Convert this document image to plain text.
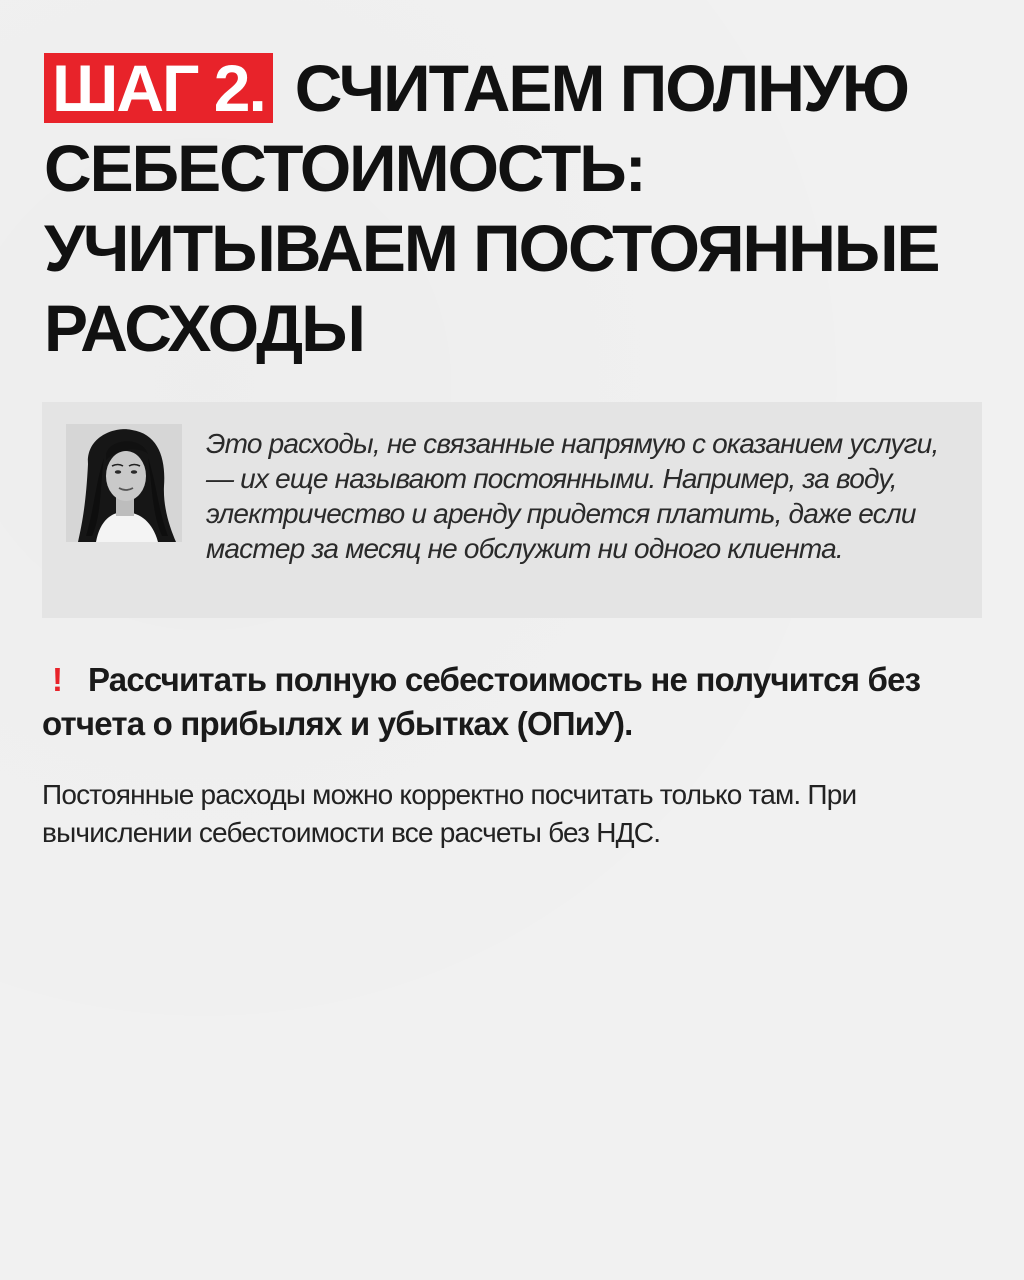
ШАГ 2. СЧИТАЕМ ПОЛНУЮ СЕБЕСТОИМОСТЬ: УЧИТЫВАЕМ ПОСТОЯННЫЕ РАСХОДЫ

Это расходы, не связанные напрямую с оказанием услуги, — их еще называют постоянными. Например, за воду, электричество и аренду придется платить, даже если мастер за месяц не обслужит ни одного клиента.

! Рассчитать полную себестоимость не получится без отчета о прибылях и убытках (ОПиУ).

Постоянные расходы можно корректно посчитать только там. При вычислении себестоимости все расчеты без НДС.
